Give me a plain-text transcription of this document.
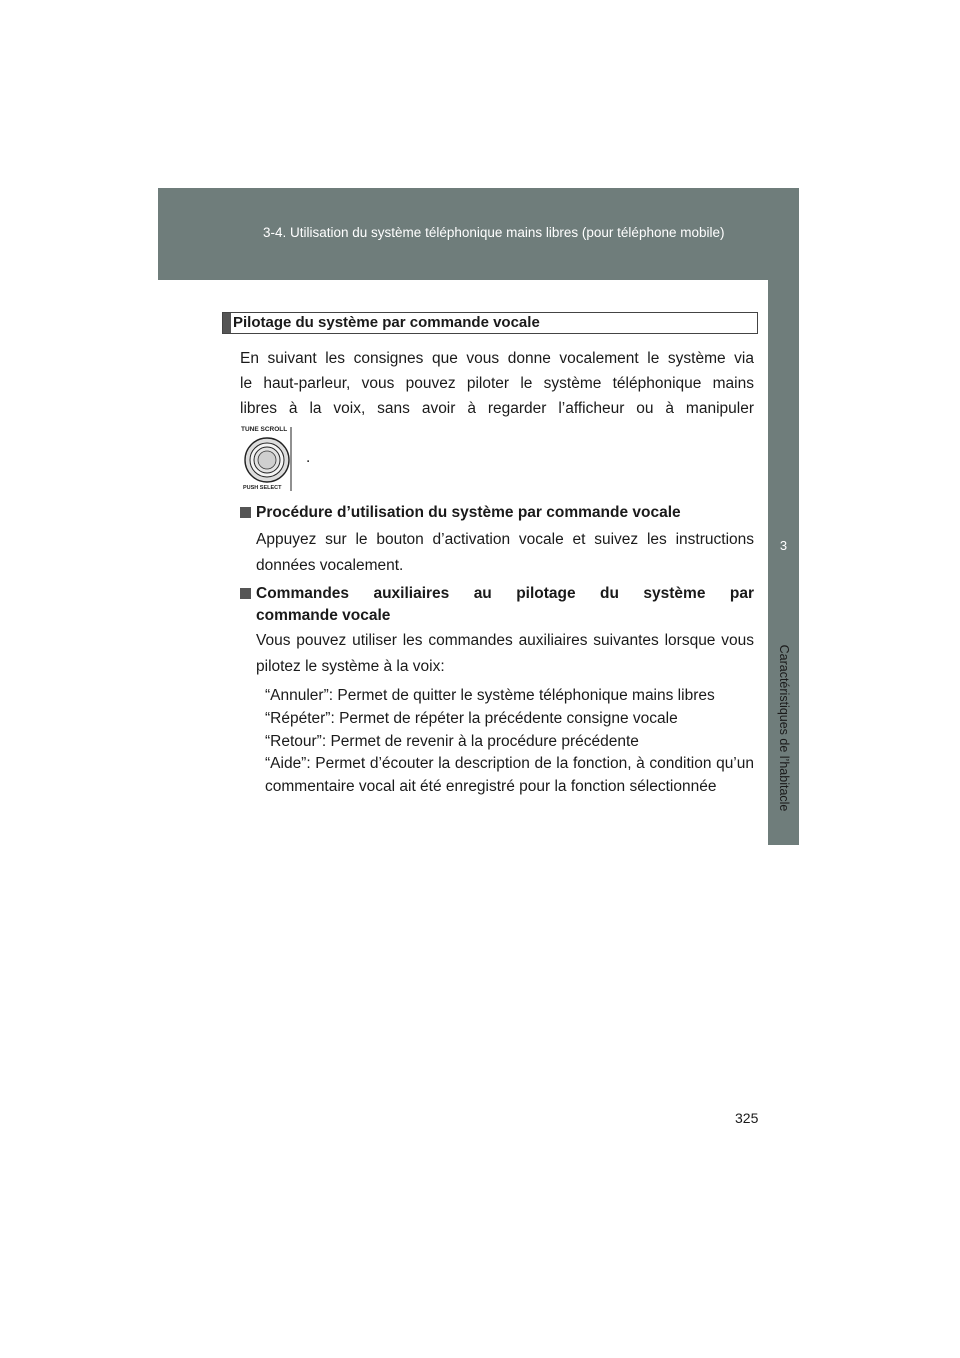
3-4. Utilisation du système téléphonique mains libres (pour téléphone mobile)
3
Caractéristiques de l’habitacle
Pilotage du système par commande vocale
En suivant les consignes que vous donne vocalement le système via
le haut-parleur, vous pouvez piloter le système téléphonique mains
libres à la voix, sans avoir à regarder l’afficheur ou à manipuler
TUNE SCROLL
PUSH SELECT
.
Procédure d’utilisation du système par commande vocale
Appuyez sur le bouton d’activation vocale et suivez les instructions données vocalement.
Commandes auxiliaires au pilotage du système par
commande vocale
Vous pouvez utiliser les commandes auxiliaires suivantes lorsque vous pilotez le système à la voix:
“Annuler”: Permet de quitter le système téléphonique mains libres
“Répéter”: Permet de répéter la précédente consigne vocale
“Retour”: Permet de revenir à la procédure précédente
“Aide”: Permet d’écouter la description de la fonction, à condition qu’un commentaire vocal ait été enregistré pour la fonction sélectionnée
325
